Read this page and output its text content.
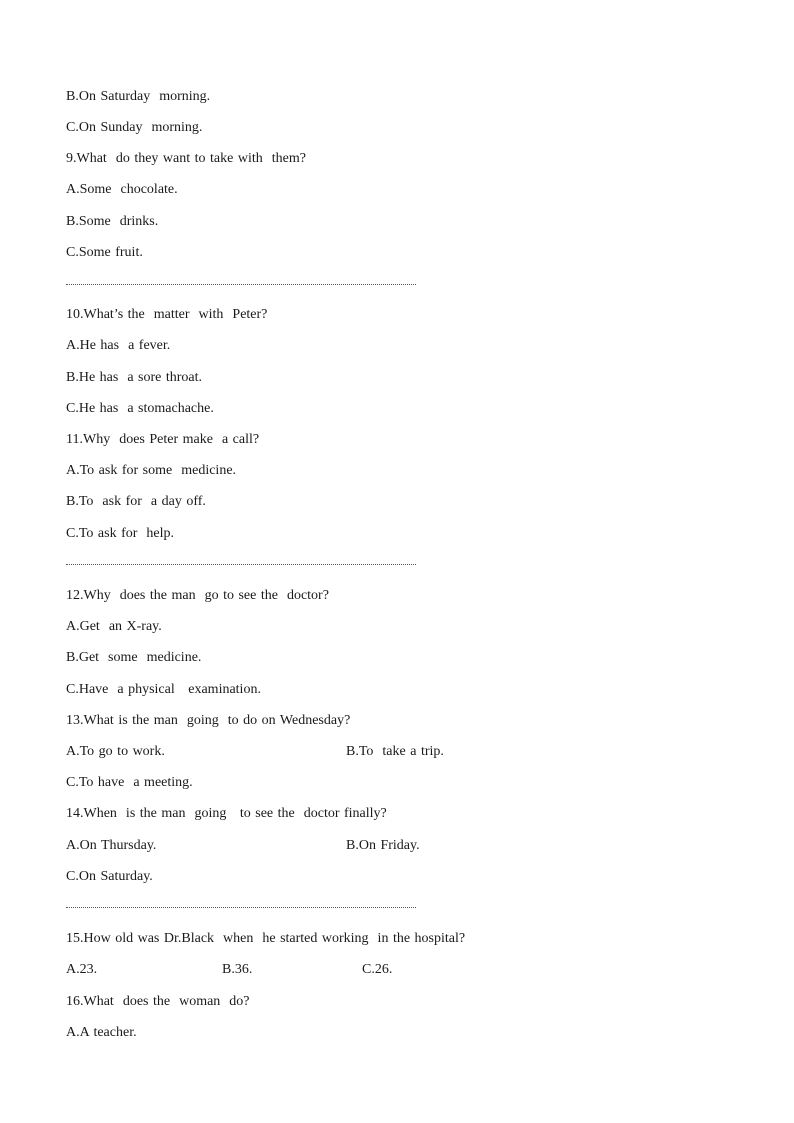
B.On Saturday  morning.
C.On Sunday  morning.
9.What  do they want to take with  them?
A.Some  chocolate.
B.Some  drinks.
C.Some fruit.
10.What’s the  matter  with  Peter?
A.He has  a fever.
B.He has  a sore throat.
C.He has  a stomachache.
11.Why  does Peter make  a call?
A.To ask for some  medicine.
B.To  ask for  a day off.
C.To ask for  help.
12.Why  does the man  go to see the  doctor?
A.Get  an X-ray.
B.Get  some  medicine.
C.Have  a physical   examination.
13.What is the man  going  to do on Wednesday?
A.To go to work.	B.To  take a trip.
C.To have  a meeting.
14.When  is the man  going   to see the  doctor finally?
A.On Thursday.	B.On Friday.
C.On Saturday.
15.How old was Dr.Black  when  he started working  in the hospital?
A.23.	B.36.	C.26.
16.What  does the  woman  do?
A.A teacher.
